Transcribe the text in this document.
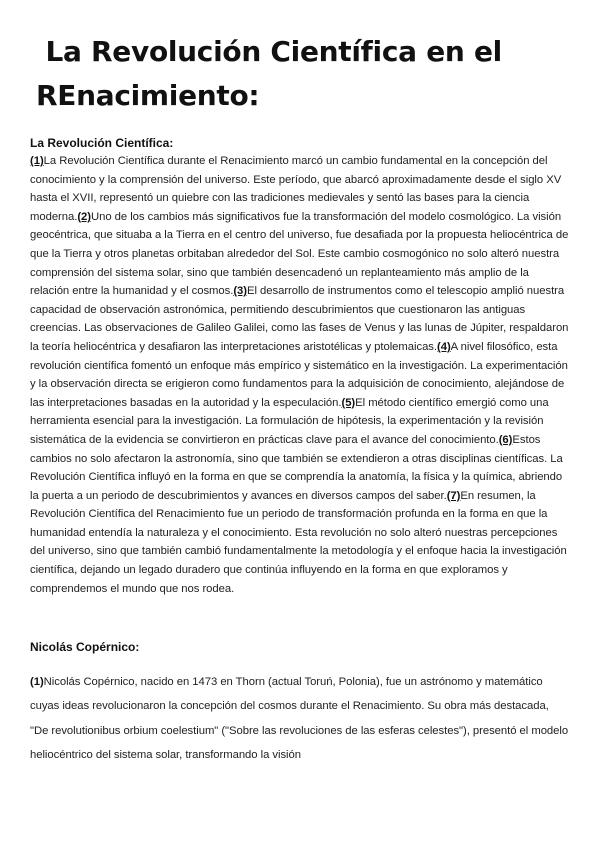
La Revolución Científica en el REnacimiento:
La Revolución Científica:

(1)La Revolución Científica durante el Renacimiento marcó un cambio fundamental en la concepción del conocimiento y la comprensión del universo. Este período, que abarcó aproximadamente desde el siglo XV hasta el XVII, representó un quiebre con las tradiciones medievales y sentó las bases para la ciencia moderna.(2)Uno de los cambios más significativos fue la transformación del modelo cosmológico. La visión geocéntrica, que situaba a la Tierra en el centro del universo, fue desafiada por la propuesta heliocéntrica de que la Tierra y otros planetas orbitaban alrededor del Sol. Este cambio cosmogónico no solo alteró nuestra comprensión del sistema solar, sino que también desencadenó un replanteamiento más amplio de la relación entre la humanidad y el cosmos.(3)El desarrollo de instrumentos como el telescopio amplió nuestra capacidad de observación astronómica, permitiendo descubrimientos que cuestionaron las antiguas creencias. Las observaciones de Galileo Galilei, como las fases de Venus y las lunas de Júpiter, respaldaron la teoría heliocéntrica y desafiaron las interpretaciones aristotélicas y ptolemaicas.(4)A nivel filosófico, esta revolución científica fomentó un enfoque más empírico y sistemático en la investigación. La experimentación y la observación directa se erigieron como fundamentos para la adquisición de conocimiento, alejándose de las interpretaciones basadas en la autoridad y la especulación.(5)El método científico emergió como una herramienta esencial para la investigación. La formulación de hipótesis, la experimentación y la revisión sistemática de la evidencia se convirtieron en prácticas clave para el avance del conocimiento.(6)Estos cambios no solo afectaron la astronomía, sino que también se extendieron a otras disciplinas científicas. La Revolución Científica influyó en la forma en que se comprendía la anatomía, la física y la química, abriendo la puerta a un periodo de descubrimientos y avances en diversos campos del saber.(7)En resumen, la Revolución Científica del Renacimiento fue un periodo de transformación profunda en la forma en que la humanidad entendía la naturaleza y el conocimiento. Esta revolución no solo alteró nuestras percepciones del universo, sino que también cambió fundamentalmente la metodología y el enfoque hacia la investigación científica, dejando un legado duradero que continúa influyendo en la forma en que exploramos y comprendemos el mundo que nos rodea.

Nicolás Copérnico:

(1)Nicolás Copérnico, nacido en 1473 en Thorn (actual Toruń, Polonia), fue un astrónomo y matemático cuyas ideas revolucionaron la concepción del cosmos durante el Renacimiento. Su obra más destacada, "De revolutionibus orbium coelestium" ("Sobre las revoluciones de las esferas celestes"), presentó el modelo heliocéntrico del sistema solar, transformando la visión
